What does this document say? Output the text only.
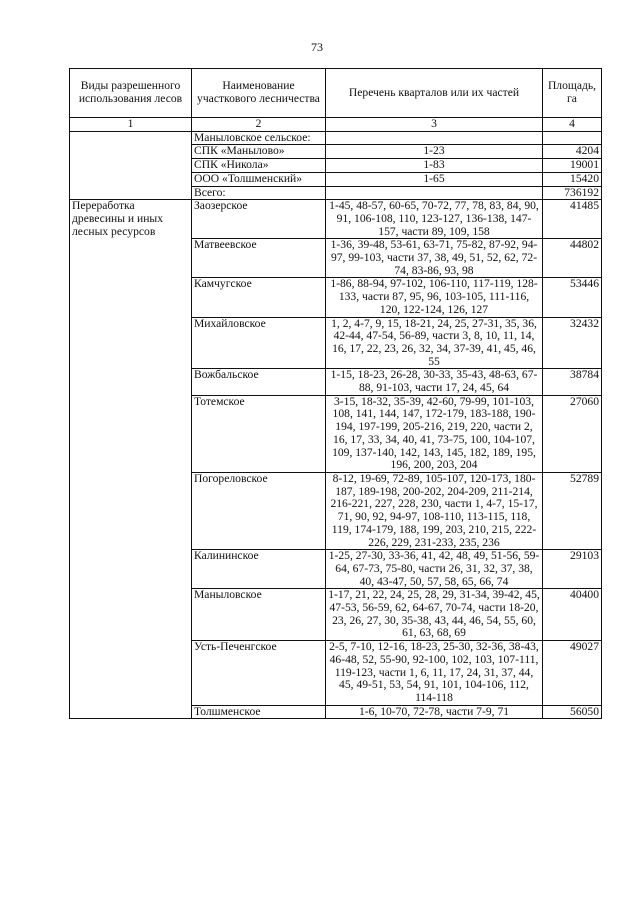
73
Виды разрешенного использования лесов	Наименование участкового лесничества	Перечень кварталов или их частей	Площадь, га
1	2	3	4
	Маныловское сельское:		
	СПК «Манылово»	1-23	4204
	СПК «Никола»	1-83	19001
	ООО «Толшменский»	1-65	15420
	Всего:		736192
Переработка древесины и иных лесных ресурсов	Заозерское	1-45, 48-57, 60-65, 70-72, 77, 78, 83, 84, 90, 91, 106-108, 110, 123-127, 136-138, 147-157, части 89, 109, 158	41485
	Матвеевское	1-36, 39-48, 53-61, 63-71, 75-82, 87-92, 94-97, 99-103, части 37, 38, 49, 51, 52, 62, 72-74, 83-86, 93, 98	44802
	Камчугское	1-86, 88-94, 97-102, 106-110, 117-119, 128-133, части 87, 95, 96, 103-105, 111-116, 120, 122-124, 126, 127	53446
	Михайловское	1, 2, 4-7, 9, 15, 18-21, 24, 25, 27-31, 35, 36, 42-44, 47-54, 56-89, части 3, 8, 10, 11, 14, 16, 17, 22, 23, 26, 32, 34, 37-39, 41, 45, 46, 55	32432
	Вожбальское	1-15, 18-23, 26-28, 30-33, 35-43, 48-63, 67-88, 91-103, части 17, 24, 45, 64	38784
	Тотемское	3-15, 18-32, 35-39, 42-60, 79-99, 101-103, 108, 141, 144, 147, 172-179, 183-188, 190-194, 197-199, 205-216, 219, 220, части 2, 16, 17, 33, 34, 40, 41, 73-75, 100, 104-107, 109, 137-140, 142, 143, 145, 182, 189, 195, 196, 200, 203, 204	27060
	Погореловское	8-12, 19-69, 72-89, 105-107, 120-173, 180-187, 189-198, 200-202, 204-209, 211-214, 216-221, 227, 228, 230, части 1, 4-7, 15-17, 71, 90, 92, 94-97, 108-110, 113-115, 118, 119, 174-179, 188, 199, 203, 210, 215, 222-226, 229, 231-233, 235, 236	52789
	Калининское	1-25, 27-30, 33-36, 41, 42, 48, 49, 51-56, 59-64, 67-73, 75-80, части 26, 31, 32, 37, 38, 40, 43-47, 50, 57, 58, 65, 66, 74	29103
	Маныловское	1-17, 21, 22, 24, 25, 28, 29, 31-34, 39-42, 45, 47-53, 56-59, 62, 64-67, 70-74, части 18-20, 23, 26, 27, 30, 35-38, 43, 44, 46, 54, 55, 60, 61, 63, 68, 69	40400
	Усть-Печенгское	2-5, 7-10, 12-16, 18-23, 25-30, 32-36, 38-43, 46-48, 52, 55-90, 92-100, 102, 103, 107-111, 119-123, части 1, 6, 11, 17, 24, 31, 37, 44, 45, 49-51, 53, 54, 91, 101, 104-106, 112, 114-118	49027
	Толшменское	1-6, 10-70, 72-78, части 7-9, 71	56050
